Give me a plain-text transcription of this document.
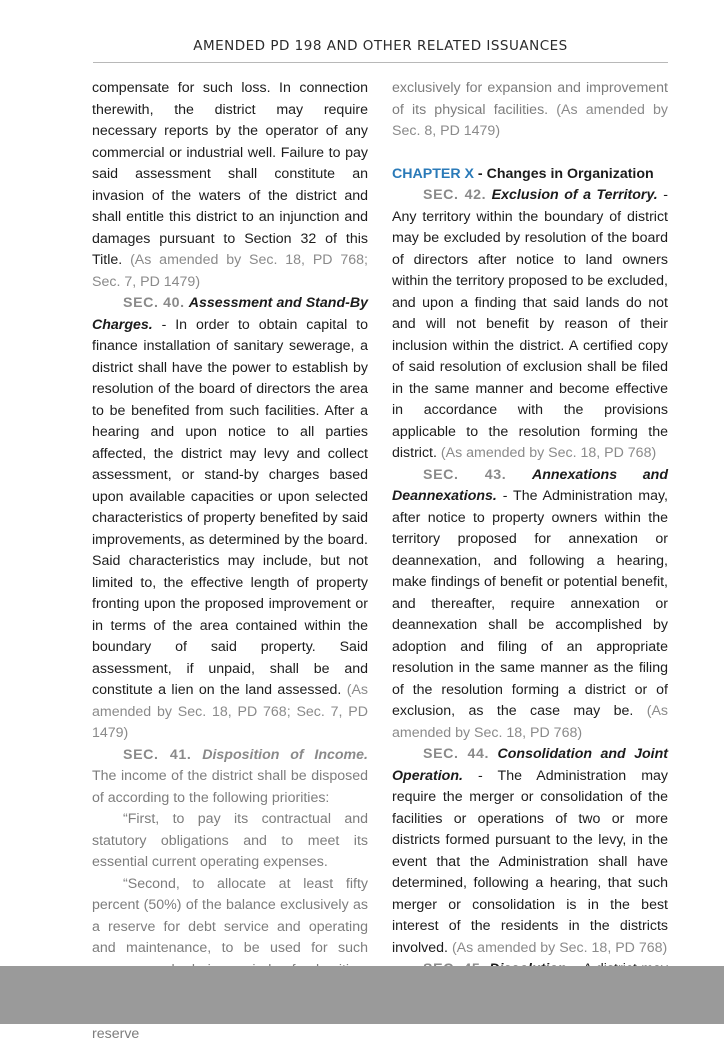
AMENDED PD 198 AND OTHER RELATED ISSUANCES

compensate for such loss. In connection therewith, the district may require necessary reports by the operator of any commercial or industrial well. Failure to pay said assessment shall constitute an invasion of the waters of the district and shall entitle this district to an injunction and damages pursuant to Section 32 of this Title. (As amended by Sec. 18, PD 768; Sec. 7, PD 1479)

SEC. 40. Assessment and Stand-By Charges. - In order to obtain capital to finance installation of sanitary sewerage, a district shall have the power to establish by resolution of the board of directors the area to be benefited from such facilities. After a hearing and upon notice to all parties affected, the district may levy and collect assessment, or stand-by charges based upon available capacities or upon selected characteristics of property benefited by said improvements, as determined by the board. Said characteristics may include, but not limited to, the effective length of property fronting upon the proposed improvement or in terms of the area contained within the boundary of said property. Said assessment, if unpaid, shall be and constitute a lien on the land assessed. (As amended by Sec. 18, PD 768; Sec. 7, PD 1479)

SEC. 41. Disposition of Income. The income of the district shall be disposed of according to the following priorities:

“First, to pay its contractual and statutory obligations and to meet its essential current operating expenses.

“Second, to allocate at least fifty percent (50%) of the balance exclusively as a reserve for debt service and operating and maintenance, to be used for such

reserve

exclusively for expansion and improvement of its physical facilities. (As amended by Sec. 8, PD 1479)

CHAPTER X - Changes in Organization

SEC. 42. Exclusion of a Territory. - Any territory within the boundary of district may be excluded by resolution of the board of directors after notice to land owners within the territory proposed to be excluded, and upon a finding that said lands do not and will not benefit by reason of their inclusion within the district. A certified copy of said resolution of exclusion shall be filed in the same manner and become effective in accordance with the provisions applicable to the resolution forming the district. (As amended by Sec. 18, PD 768)

SEC. 43. Annexations and Deannexations. - The Administration may, after notice to property owners within the territory proposed for annexation or deannexation, and following a hearing, make findings of benefit or potential benefit, and thereafter, require annexation or deannexation shall be accomplished by adoption and filing of an appropriate resolution in the same manner as the filing of the resolution forming a district or of exclusion, as the case may be. (As amended by Sec. 18, PD 768)

SEC. 44. Consolidation and Joint Operation. - The Administration may require the merger or consolidation of the facilities or operations of two or more districts formed pursuant to the levy, in the event that the Administration shall have determined, following a hearing, that such merger or consolidation is in the best interest of the residents in the districts involved. (As amended by Sec. 18, PD 768)
